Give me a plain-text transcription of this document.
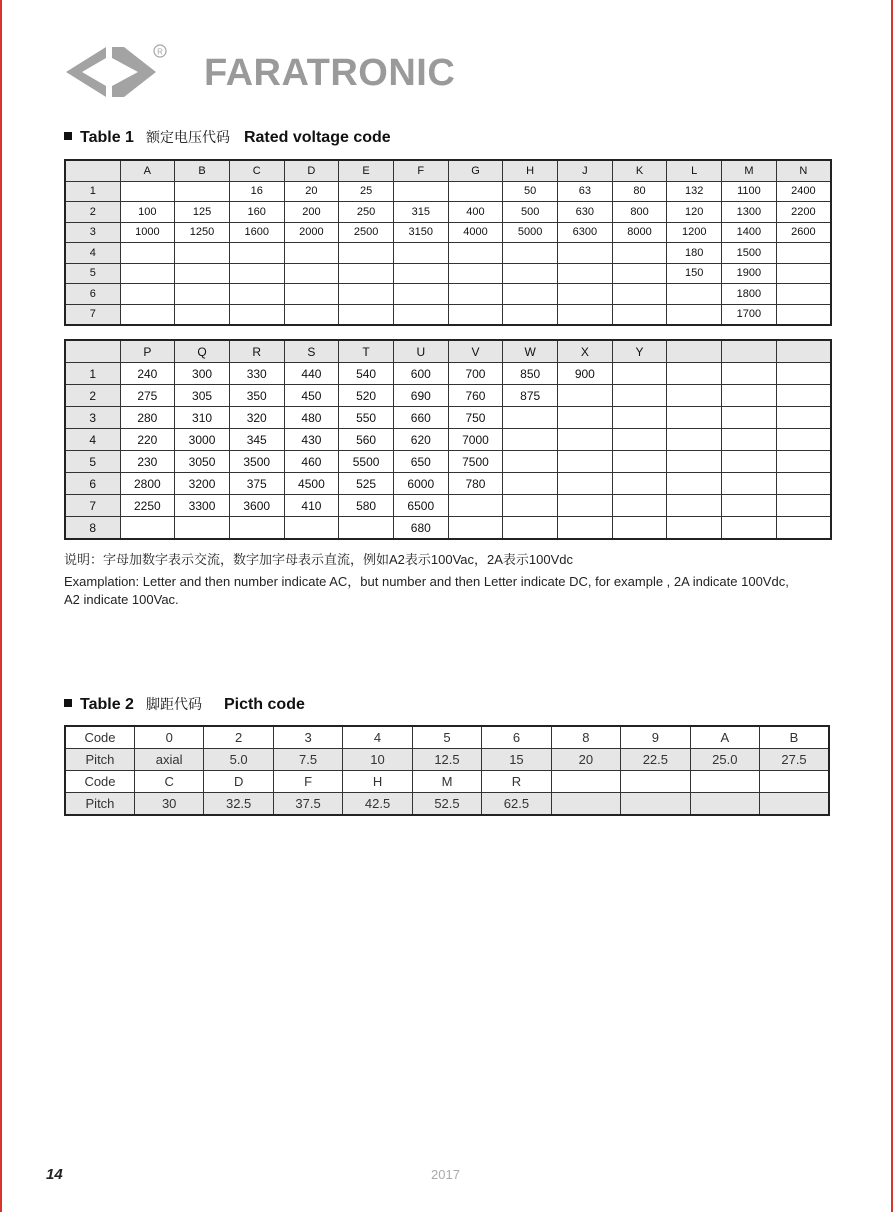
R FARATRONIC
Table 1 额定电压代码 Rated voltage code
	A	B	C	D	E	F	G	H	J	K	L	M	N
1			16	20	25			50	63	80	132	1100	2400
2	100	125	160	200	250	315	400	500	630	800	120	1300	2200
3	1000	1250	1600	2000	2500	3150	4000	5000	6300	8000	1200	1400	2600
4											180	1500	
5											150	1900	
6												1800	
7												1700	
	P	Q	R	S	T	U	V	W	X	Y			
1	240	300	330	440	540	600	700	850	900				
2	275	305	350	450	520	690	760	875					
3	280	310	320	480	550	660	750						
4	220	3000	345	430	560	620	7000						
5	230	3050	3500	460	5500	650	7500						
6	2800	3200	375	4500	525	6000	780						
7	2250	3300	3600	410	580	6500							
8						680							
说明：字母加数字表示交流，数字加字母表示直流，例如A2表示100Vac，2A表示100Vdc
Examplation: Letter and then number indicate AC，but number and then Letter indicate DC, for example , 2A indicate 100Vdc,
A2 indicate 100Vac.
Table 2 脚距代码 Picth code
Code	0	2	3	4	5	6	8	9	A	B
Pitch	axial	5.0	7.5	10	12.5	15	20	22.5	25.0	27.5
Code	C	D	F	H	M	R				
Pitch	30	32.5	37.5	42.5	52.5	62.5				
14	2017
